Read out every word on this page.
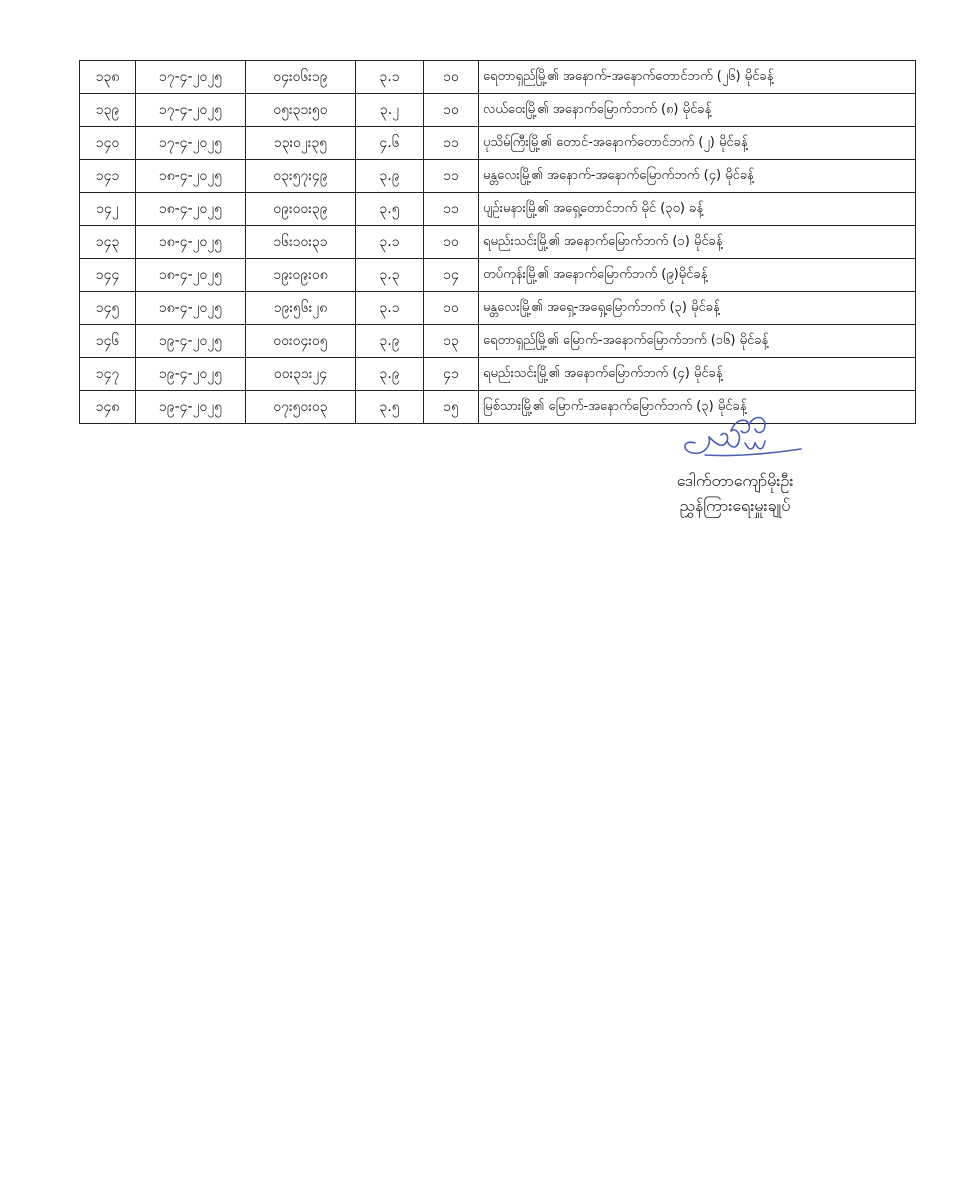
၁၃၈	၁၇-၄-၂၀၂၅	၀၄း၀၆း၁၉	၃.၁	၁၀	ရေတာရှည်မြို့၏ အနောက်-အနောက်တောင်ဘက် (၂၆) မိုင်ခန့်
၁၃၉	၁၇-၄-၂၀၂၅	၀၅း၃၁း၅၀	၃.၂	၁၀	လယ်ဝေးမြို့၏ အနောက်မြောက်ဘက် (၈) မိုင်ခန့်
၁၄၀	၁၇-၄-၂၀၂၅	၁၃း၀၂း၃၅	၄.၆	၁၁	ပုသိမ်ကြီးမြို့၏ တောင်-အနောက်တောင်ဘက် (၂) မိုင်ခန့်
၁၄၁	၁၈-၄-၂၀၂၅	၀၃း၅၇း၄၉	၃.၉	၁၁	မန္တလေးမြို့၏ အနောက်-အနောက်မြောက်ဘက် (၄) မိုင်ခန့်
၁၄၂	၁၈-၄-၂၀၂၅	၀၉း၀၀း၃၉	၃.၅	၁၁	ပျဉ်းမနားမြို့၏ အရှေ့တောင်ဘက် မိုင် (၃၀) ခန့်
၁၄၃	၁၈-၄-၂၀၂၅	၁၆း၁၀း၃၁	၃.၁	၁၀	ရမည်းသင်းမြို့၏ အနောက်မြောက်ဘက် (၁) မိုင်ခန့်
၁၄၄	၁၈-၄-၂၀၂၅	၁၉း၀၉း၀၈	၃.၃	၁၄	တပ်ကုန်းမြို့၏ အနောက်မြောက်ဘက် (၉)မိုင်ခန့်
၁၄၅	၁၈-၄-၂၀၂၅	၁၉း၅၆း၂၈	၃.၁	၁၀	မန္တလေးမြို့၏ အရှေ့-အရှေ့မြောက်ဘက် (၃) မိုင်ခန့်
၁၄၆	၁၉-၄-၂၀၂၅	၀၀း၀၄း၀၅	၃.၉	၁၃	ရေတာရှည်မြို့၏ မြောက်-အနောက်မြောက်ဘက် (၁၆) မိုင်ခန့်
၁၄၇	၁၉-၄-၂၀၂၅	၀၀း၃၁း၂၄	၃.၉	၄၁	ရမည်းသင်းမြို့၏ အနောက်မြောက်ဘက် (၄) မိုင်ခန့်
၁၄၈	၁၉-၄-၂၀၂၅	၀၇း၅၀း၀၃	၃.၅	၁၅	မြစ်သားမြို့၏ မြောက်-အနောက်မြောက်ဘက် (၃) မိုင်ခန့်
ဒေါက်တာကျော်မိုးဦး
ညွှန်ကြားရေးမှူးချုပ်
